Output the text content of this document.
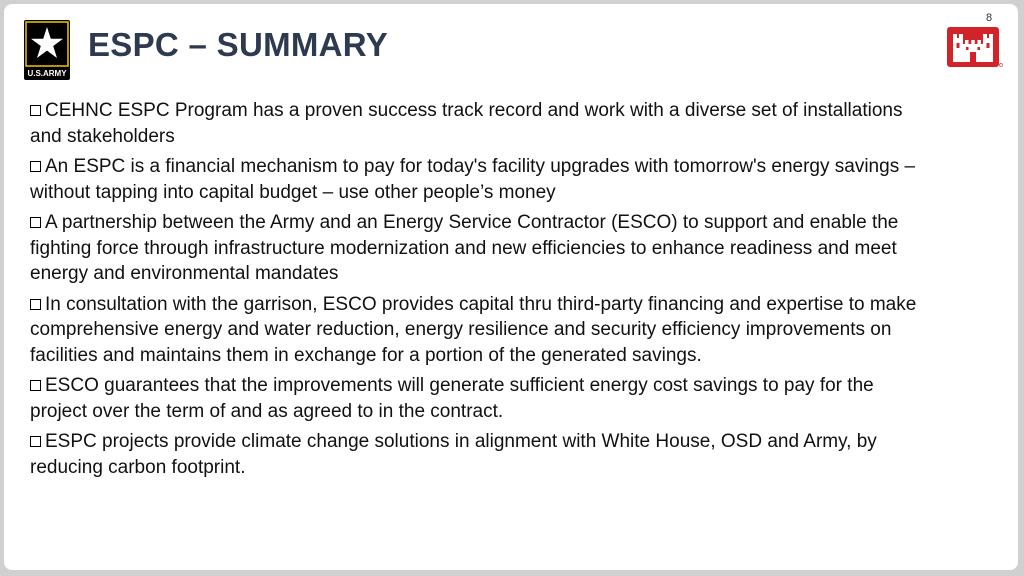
U.S.ARMY
ESPC – SUMMARY
8
CEHNC ESPC Program has a proven success track record and work with a diverse set of installations and stakeholders
An ESPC is a financial mechanism to pay for today's facility upgrades with tomorrow's energy savings – without tapping into capital budget – use other people’s money
A partnership between the Army and an Energy Service Contractor (ESCO) to support and enable the fighting force through infrastructure modernization and new efficiencies to enhance readiness and meet energy and environmental mandates
In consultation with the garrison, ESCO provides capital thru third-party financing and expertise to make comprehensive energy and water reduction, energy resilience and security efficiency improvements on facilities and maintains them in exchange for a portion of the generated savings.
ESCO guarantees that the improvements will generate sufficient energy cost savings to pay for the project over the term of and as agreed to in the contract.
ESPC projects provide climate change solutions in alignment with White House, OSD and Army, by reducing carbon footprint.
